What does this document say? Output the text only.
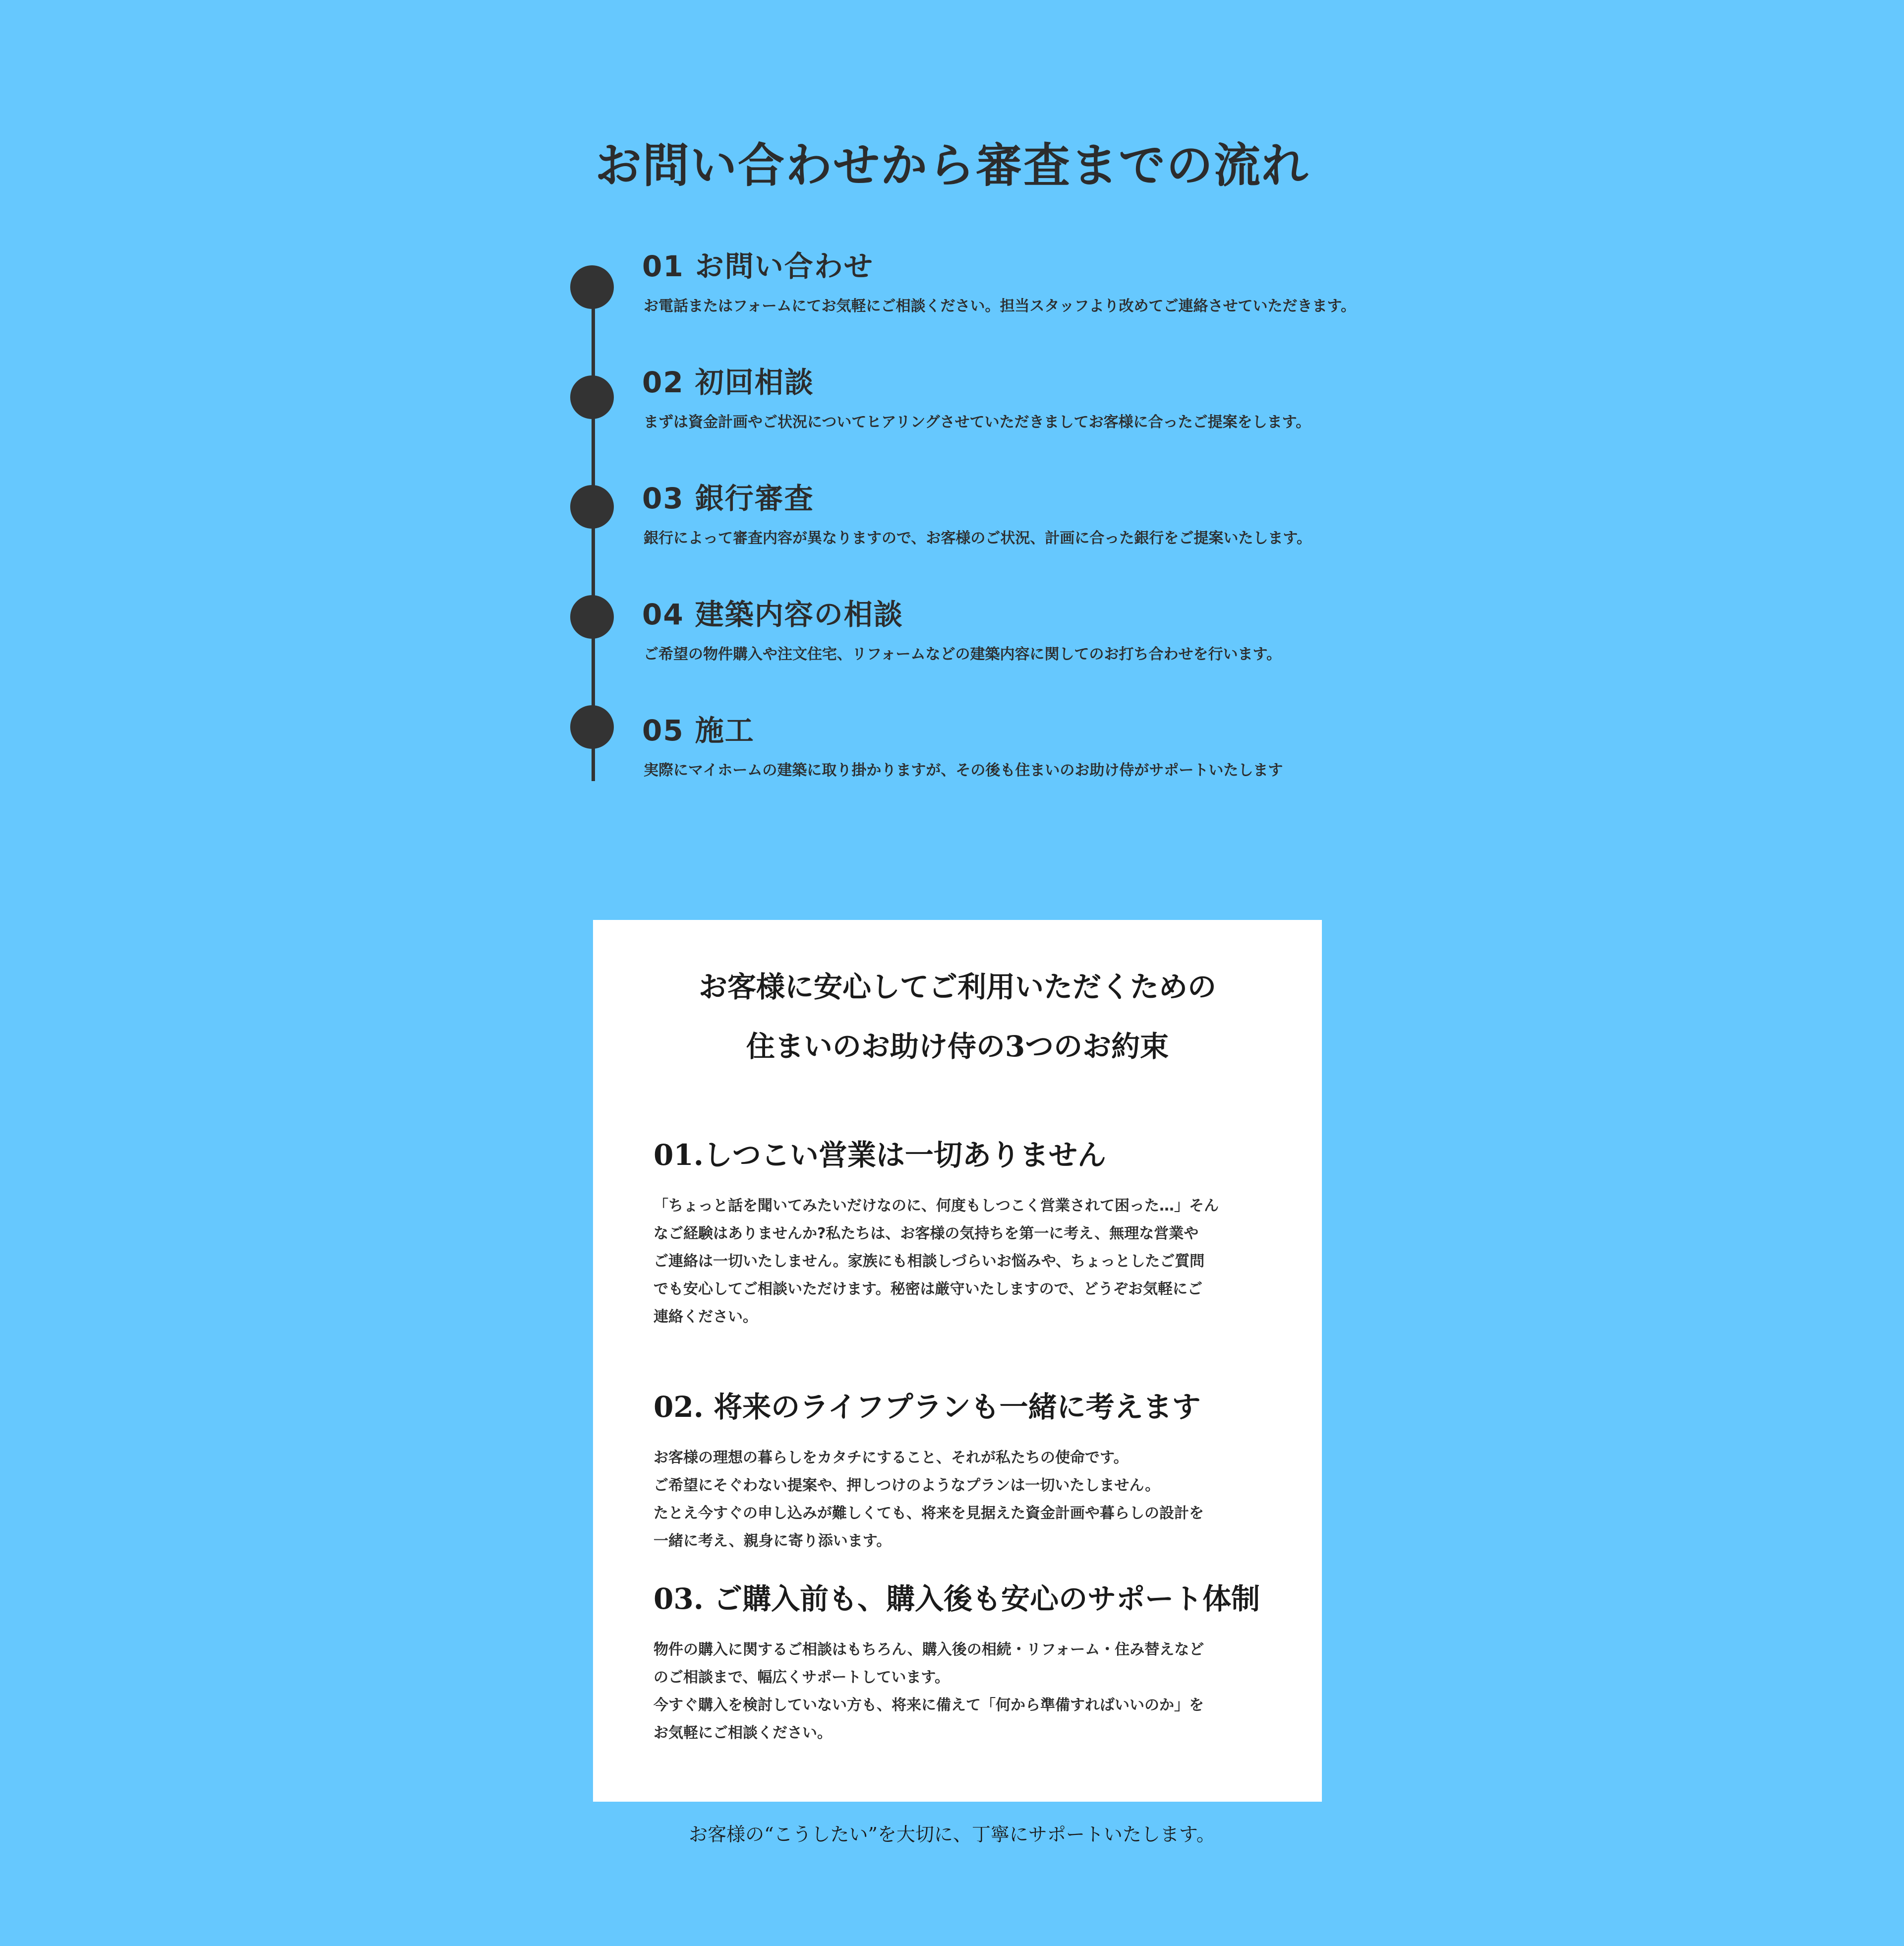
お問い合わせから審査までの流れ
01 お問い合わせ
お電話またはフォームにてお気軽にご相談ください。担当スタッフより改めてご連絡させていただきます。
02 初回相談
まずは資金計画やご状況についてヒアリングさせていただきましてお客様に合ったご提案をします。
03 銀行審査
銀行によって審査内容が異なりますので、お客様のご状況、計画に合った銀行をご提案いたします。
04 建築内容の相談
ご希望の物件購入や注文住宅、リフォームなどの建築内容に関してのお打ち合わせを行います。
05 施工
実際にマイホームの建築に取り掛かりますが、その後も住まいのお助け侍がサポートいたします
お客様に安心してご利用いただくための
住まいのお助け侍の3つのお約束
01.しつこい営業は一切ありません

「ちょっと話を聞いてみたいだけなのに、何度もしつこく営業されて困った…」そん
なご経験はありませんか?私たちは、お客様の気持ちを第一に考え、無理な営業や
ご連絡は一切いたしません。家族にも相談しづらいお悩みや、ちょっとしたご質問
でも安心してご相談いただけます。秘密は厳守いたしますので、どうぞお気軽にご
連絡ください。

02. 将来のライフプランも一緒に考えます

お客様の理想の暮らしをカタチにすること、それが私たちの使命です。
ご希望にそぐわない提案や、押しつけのようなプランは一切いたしません。
たとえ今すぐの申し込みが難しくても、将来を見据えた資金計画や暮らしの設計を
一緒に考え、親身に寄り添います。

03. ご購入前も、購入後も安心のサポート体制

物件の購入に関するご相談はもちろん、購入後の相続・リフォーム・住み替えなど
のご相談まで、幅広くサポートしています。
今すぐ購入を検討していない方も、将来に備えて「何から準備すればいいのか」を
お気軽にご相談ください。

お客様の“こうしたい”を大切に、丁寧にサポートいたします。
